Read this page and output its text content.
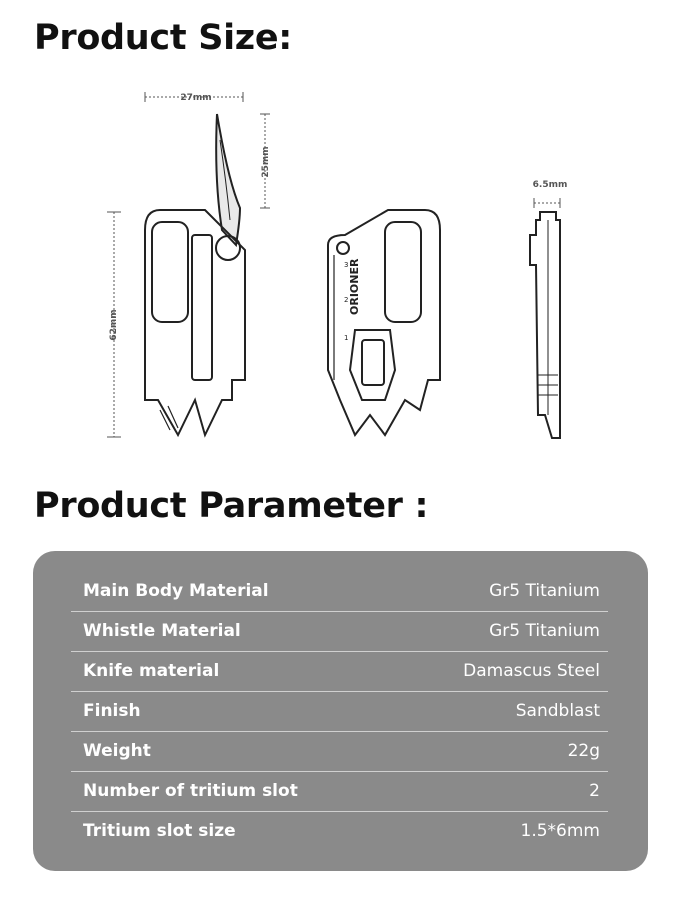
Product Size:
ORIONER
3
2
1
27mm
25mm
62mm
6.5mm
Product Parameter :
Main Body Material	Gr5 Titanium
Whistle Material	Gr5 Titanium
Knife material	Damascus Steel
Finish	Sandblast
Weight	22g
Number of tritium slot	2
Tritium slot size	1.5*6mm
